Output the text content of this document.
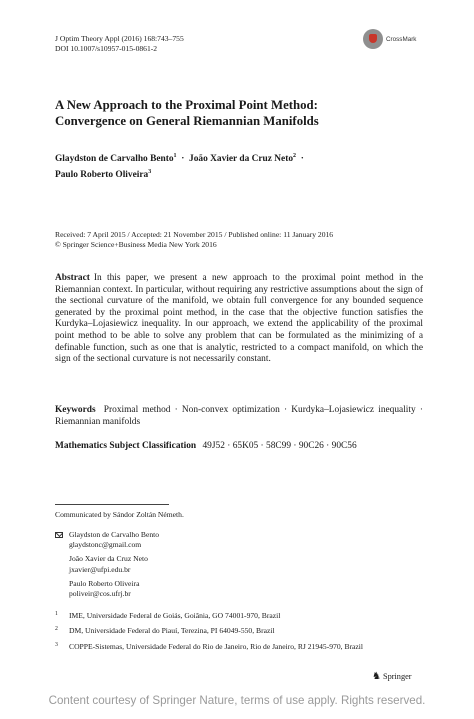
J Optim Theory Appl (2016) 168:743–755
DOI 10.1007/s10957-015-0861-2
CrossMark
A New Approach to the Proximal Point Method:
Convergence on General Riemannian Manifolds
Glaydston de Carvalho Bento$^1$ · João Xavier da Cruz Neto$^2$ ·
Paulo Roberto Oliveira$^3$
Received: 7 April 2015 / Accepted: 21 November 2015 / Published online: 11 January 2016
© Springer Science+Business Media New York 2016
Abstract In this paper, we present a new approach to the proximal point method in the Riemannian context. In particular, without requiring any restrictive assumptions about the sign of the sectional curvature of the manifold, we obtain full convergence for any bounded sequence generated by the proximal point method, in the case that the objective function satisfies the Kurdyka–Lojasiewicz inequality. In our approach, we extend the applicability of the proximal point method to be able to solve any problem that can be formulated as the minimizing of a definable function, such as one that is analytic, restricted to a compact manifold, on which the sign of the sectional curvature is not necessarily constant.
Keywords Proximal method · Non-convex optimization · Kurdyka–Lojasiewicz inequality · Riemannian manifolds
Mathematics Subject Classification 49J52 · 65K05 · 58C99 · 90C26 · 90C56
Communicated by Sándor Zoltán Németh.
Glaydston de Carvalho Bento
glaydstonc@gmail.com
João Xavier da Cruz Neto
jxavier@ufpi.edu.br
Paulo Roberto Oliveira
poliveir@cos.ufrj.br
1 IME, Universidade Federal de Goiás, Goiânia, GO 74001-970, Brazil
2 DM, Universidade Federal do Piauí, Terezina, PI 64049-550, Brazil
3 COPPE-Sistemas, Universidade Federal do Rio de Janeiro, Rio de Janeiro, RJ 21945-970, Brazil
♞ Springer
Content courtesy of Springer Nature, terms of use apply. Rights reserved.
